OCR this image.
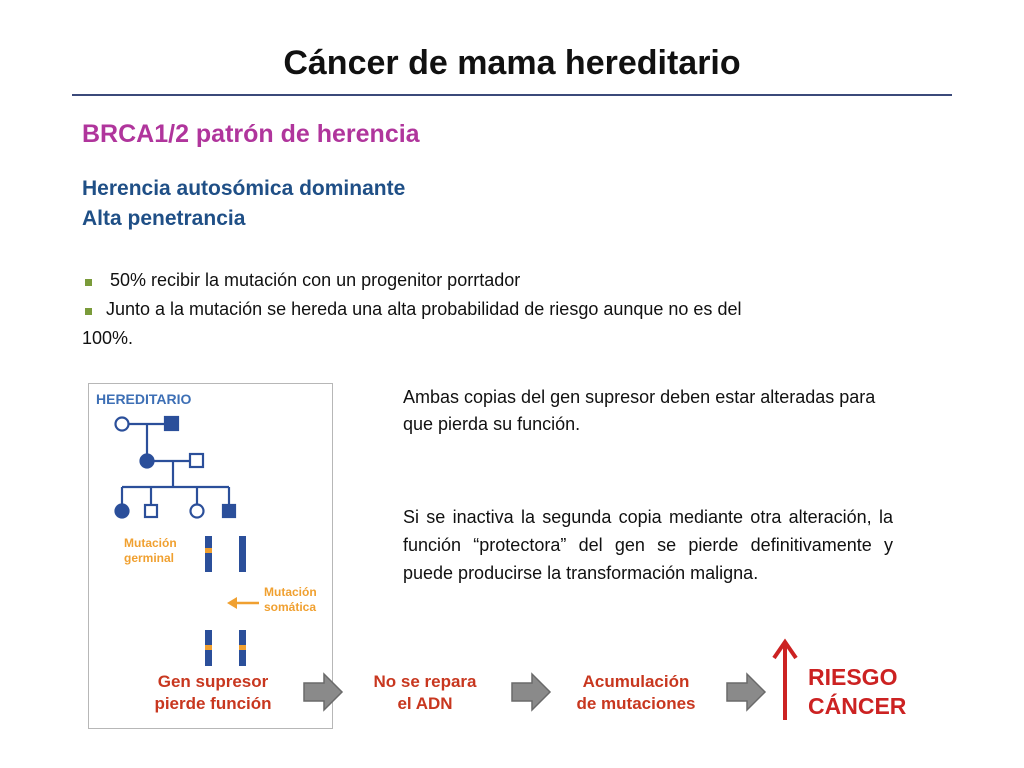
Cáncer de mama hereditario
BRCA1/2 patrón de herencia
Herencia autosómica dominante
Alta penetrancia
50% recibir la mutación con un progenitor porrtador
Junto a la mutación se hereda una alta probabilidad de riesgo aunque no es del
100%.
HEREDITARIO
Mutación
germinal
Mutación
somática
Ambas copias del gen supresor deben estar alteradas para que pierda su función.
Si se inactiva la segunda copia mediante otra alteración, la función “protectora” del gen se pierde definitivamente y puede producirse la transformación maligna.
Gen supresor
pierde función
No se repara
el ADN
Acumulación
de mutaciones
RIESGO
CÁNCER
